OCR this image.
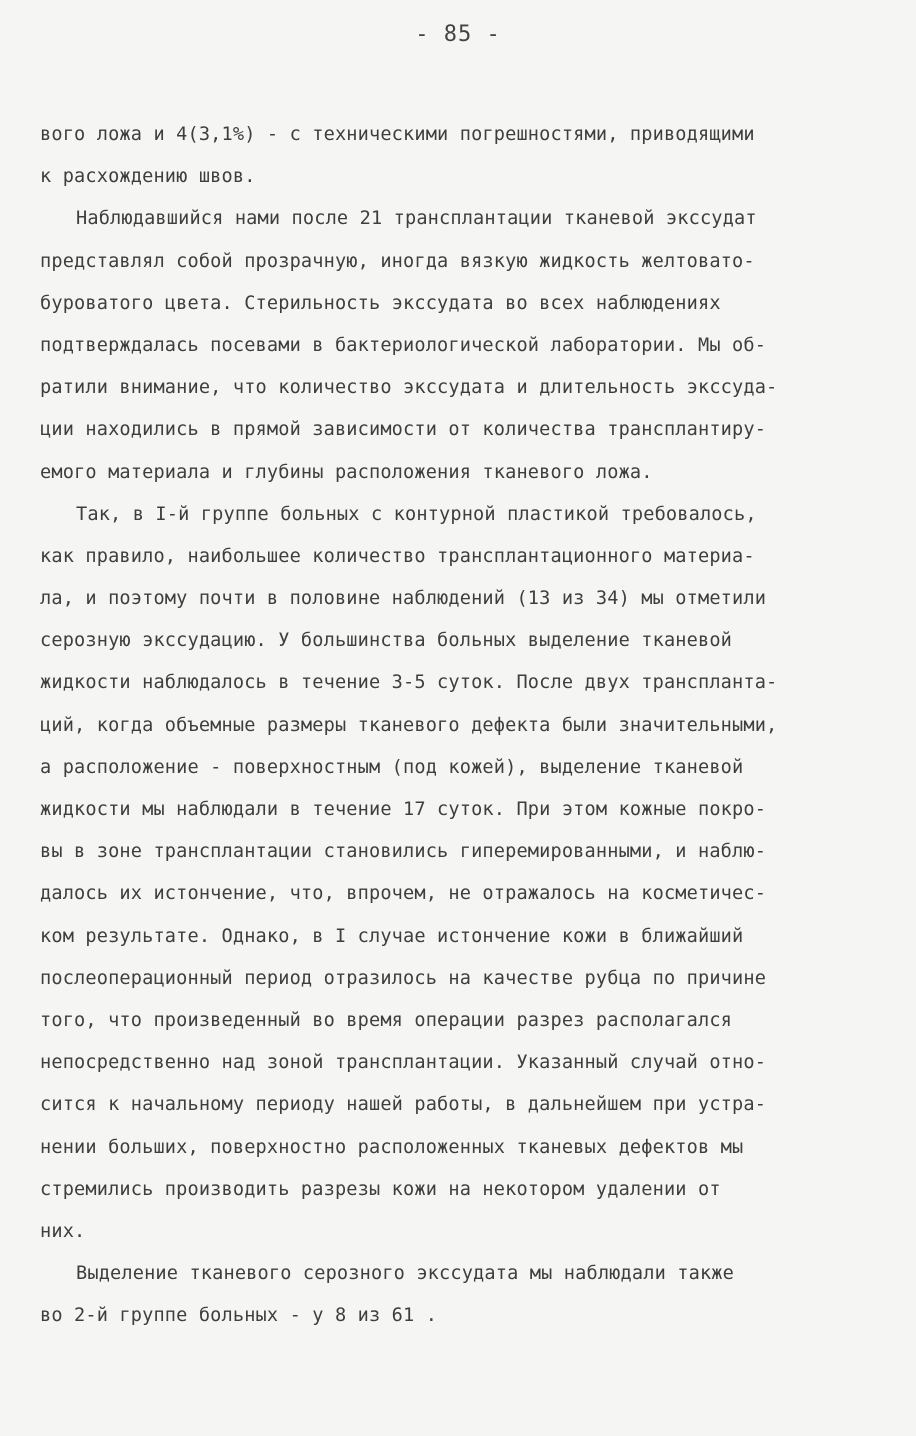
- 85 -
вого ложа и 4(3,1%) - с техническими погрешностями, приводящими
к расхождению швов.
Наблюдавшийся нами после 21 трансплантации тканевой экссудат
представлял собой прозрачную, иногда вязкую жидкость желтовато-
буроватого цвета. Стерильность экссудата во всех наблюдениях
подтверждалась посевами в бактериологической лаборатории. Мы об-
ратили внимание, что количество экссудата и длительность экссуда-
ции находились в прямой зависимости от количества трансплантиру-
емого материала и глубины расположения тканевого ложа.
Так, в I-й группе больных с контурной пластикой требовалось,
как правило, наибольшее количество трансплантационного материа-
ла, и поэтому почти в половине наблюдений (13 из 34) мы отметили
серозную экссудацию. У большинства больных выделение тканевой
жидкости наблюдалось в течение 3-5 суток. После двух транспланта-
ций, когда объемные размеры тканевого дефекта были значительными,
а расположение - поверхностным (под кожей), выделение тканевой
жидкости мы наблюдали в течение 17 суток. При этом кожные покро-
вы в зоне трансплантации становились гиперемированными, и наблю-
далось их истончение, что, впрочем, не отражалось на косметичес-
ком результате. Однако, в I случае истончение кожи в ближайший
послеоперационный период отразилось на качестве рубца по причине
того, что произведенный во время операции разрез располагался
непосредственно над зоной трансплантации. Указанный случай отно-
сится к начальному периоду нашей работы, в дальнейшем при устра-
нении больших, поверхностно расположенных тканевых дефектов мы
стремились производить разрезы кожи на некотором удалении от
них.
Выделение тканевого серозного экссудата мы наблюдали также
во 2-й группе больных - у 8 из 61 .
